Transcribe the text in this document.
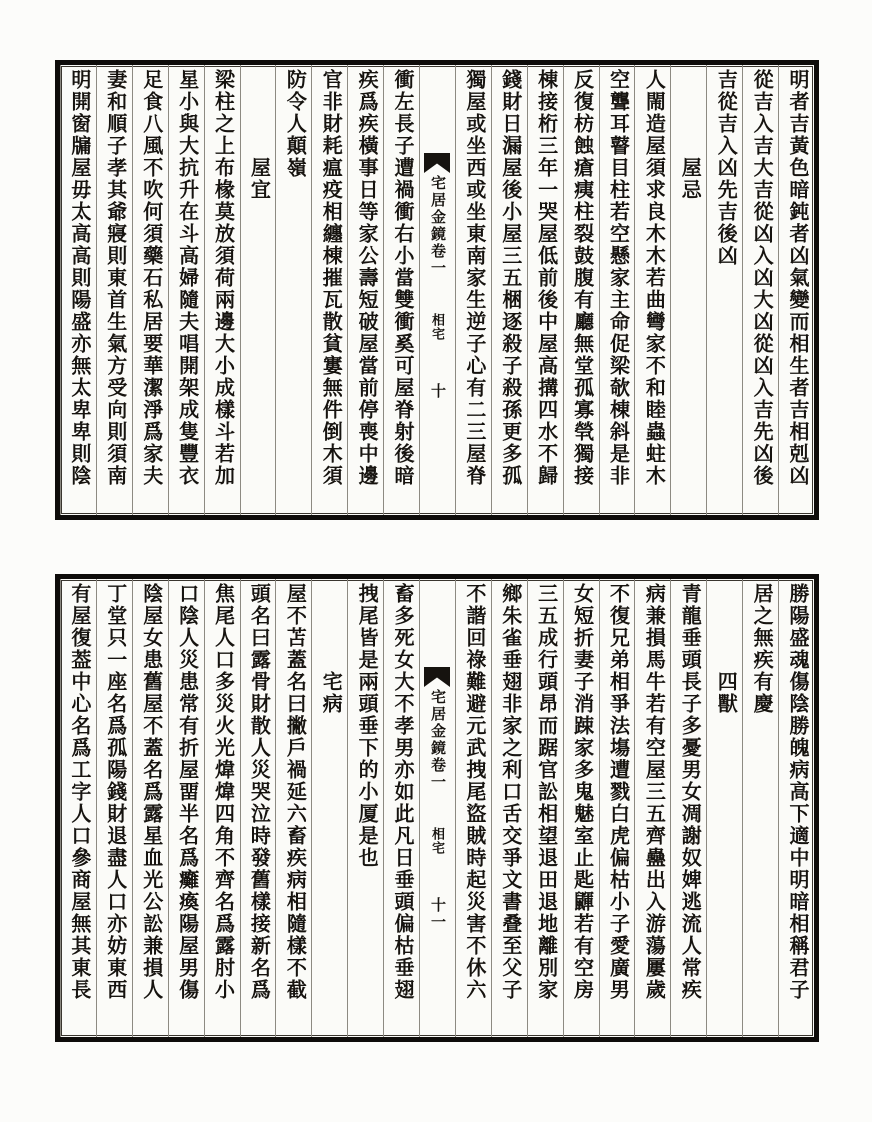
明者吉黃色暗鈍者凶氣變而相生者吉相剋凶
從吉入吉大吉從凶入凶大凶從凶入吉先凶後
吉從吉入凶先吉後凶
屋忌
人閙造屋須求良木木若曲彎家不和睦蟲蛀木
空聾耳瞽目柱若空懸家主命促梁欹棟斜是非
反復枋蝕瘡痍柱裂鼓腹有廳無堂孤寡煢獨接
棟接桁三年一哭屋低前後中屋高搆四水不歸
錢財日漏屋後小屋三五梱逐殺子殺孫更多孤
獨屋或坐西或坐東南家生逆子心有二三屋脊
宅居金鏡卷一
相宅
十
衝左長子遭禍衝右小當雙衝奚可屋脊射後暗
疾爲疾橫事日等家公壽短破屋當前停喪中邊
官非財耗瘟疫相纏棟摧瓦散貧寠無件倒木須
防令人顛嶺
屋宜
梁柱之上布椽莫放須荷兩邊大小成樣斗若加
星小與大抗升在斗高婦隨夫唱開架成隻豐衣
足食八風不吹何須藥石私居要華潔淨爲家夫
妻和順子孝其爺寢則東首生氣方受向則須南
明開窗牖屋毋太高高則陽盛亦無太卑卑則陰
勝陽盛魂傷陰勝魄病高下適中明暗相稱君子
居之無疾有慶
四獸
青龍垂頭長子多憂男女凋謝奴婢逃流人常疾
病兼損馬牛若有空屋三五齊蠱出入游蕩屢歲
不復兄弟相爭法塲遭戮白虎偏枯小子愛廣男
女短折妻子消踈家多鬼魅室止匙鼲若有空房
三五成行頭昂而踞官訟相望退田退地離別家
鄉朱雀垂翅非家之利口舌交爭文書叠至父子
不諧回祿難避元武拽尾盜賊時起災害不休六
宅居金鏡卷一
相宅
十一
畜多死女大不孝男亦如此凡日垂頭偏枯垂翅
拽尾皆是兩頭垂下的小厦是也
宅病
屋不苫蓋名曰撇戶禍延六畜疾病相隨樣不截
頭名曰露骨財散人災哭泣時發舊樣接新名爲
焦尾人口多災火光煒煒四角不齊名爲露肘小
口陰人災患常有折屋畱半名爲癱瘓陽屋男傷
陰屋女患舊屋不蓋名爲露星血光公訟兼損人
丁堂只一座名爲孤陽錢財退盡人口亦妨東西
有屋復葢中心名爲工字人口參商屋無其東長
